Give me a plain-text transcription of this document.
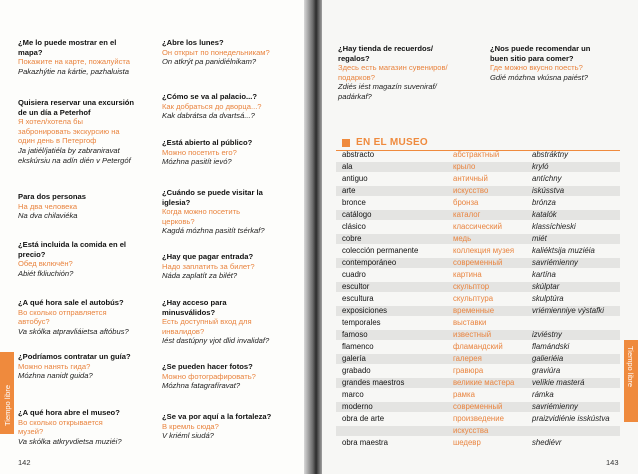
¿Me lo puede mostrar en el
mapa?
Покажите на карте, пожалуйста
Pakazhýtie na kártie, pazhaluista
Quisiera reservar una excursión
de un día a Peterhof
Я хотел/хотела бы
забронировать экскурсию на
один день в Петергоф
Ja jatiél/jatiéla by zabraniravat
ekskúrsiu na adín dién v Petergóf
Para dos personas
На два человека
Na dva chilaviéka
¿Está incluida la comida en el
precio?
Обед включён?
Abiét fkliuchión?
¿A qué hora sale el autobús?
Во сколько отправляется
автобус?
Va skólka atpravliáietsa aftóbus?
¿Podríamos contratar un guía?
Можно нанять гида?
Mózhna nanidt guida?
¿A qué hora abre el museo?
Во сколько открывается
музей?
Va skólka atkryvdietsa muziéi?
¿Abre los lunes?
Он открыт по понедельникам?
On atkrýt pa panidiélnikam?
¿Cómo se va al palacio...?
Как добраться до дворца...?
Kak dabrátsa da dvartsá...?
¿Está abierto al público?
Можно посетить его?
Mózhna pasitít ievó?
¿Cuándo se puede visitar la
iglesia?
Когда можно посетить
церковь?
Kagdá mózhna pasitít tsérkaf?
¿Hay que pagar entrada?
Надо заплатить за билет?
Náda zaplatít za bilét?
¿Hay acceso para
minusválidos?
Есть доступный вход для
инвалидов?
Iést dastúpny vjot dlid invalidaf?
¿Se pueden hacer fotos?
Можно фотографировать?
Mózhna fatagrafíravat?
¿Se va por aquí a la fortaleza?
В кремль сюда?
V kriéml siudá?
Tiempo libre
142
Tiempo libre
143
¿Hay tienda de recuerdos/
regalos?
Здесь есть магазин сувениров/
подарков?
Zdiés iést magazín suveniraf/
padárkaf?
¿Nos puede recomendar un
buen sitio para comer?
Где можно вкусно поесть?
Gdié mózhna vkúsna paiést?
EN EL MUSEO
abstracto	абстрактный	abstráktny
ala	крыло	kryló
antiguo	античный	antíchny
arte	искусство	iskússtva
bronce	бронза	brónza
catálogo	каталог	katalók
clásico	классический	klassíchieski
cobre	медь	miét
colección permanente	коллекция музея kaliéktsija muziéia
contemporáneo	современный	savriémienny
cuadro	картина	kartína
escultor	скульптор	skúlptar
escultura	скульптура	skulptúra
exposiciones	временные	vriémienniye výstafki
temporales	выставки
famoso	известный	izviéstny
flamenco	фламандский	flamándski
galería	галерея	galieriéia
grabado	гравюра	graviúra
grandes maestros	великие мастера velíkie masterá
marco	рамка	rámka
moderno	современный	savriémienny
obra de arte	произведение	praizvidiénie isskústva
искусства
obra maestra	шедевр	shediévr
